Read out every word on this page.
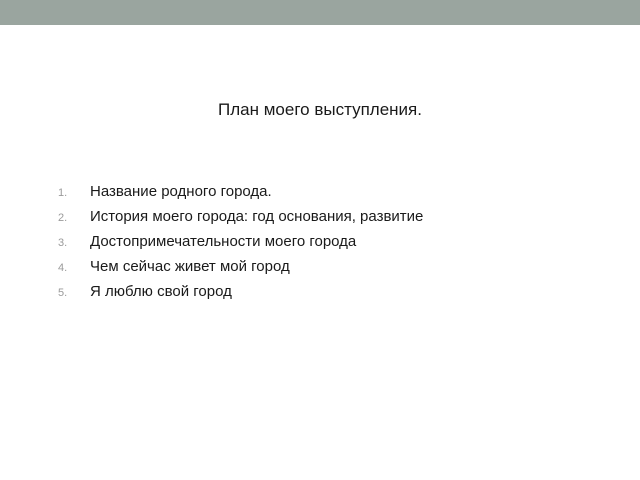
План моего выступления.
1.	Название родного города.
2.	История моего города: год основания, развитие
3.	Достопримечательности моего города
4.	Чем сейчас живет мой город
5.	Я люблю свой город
